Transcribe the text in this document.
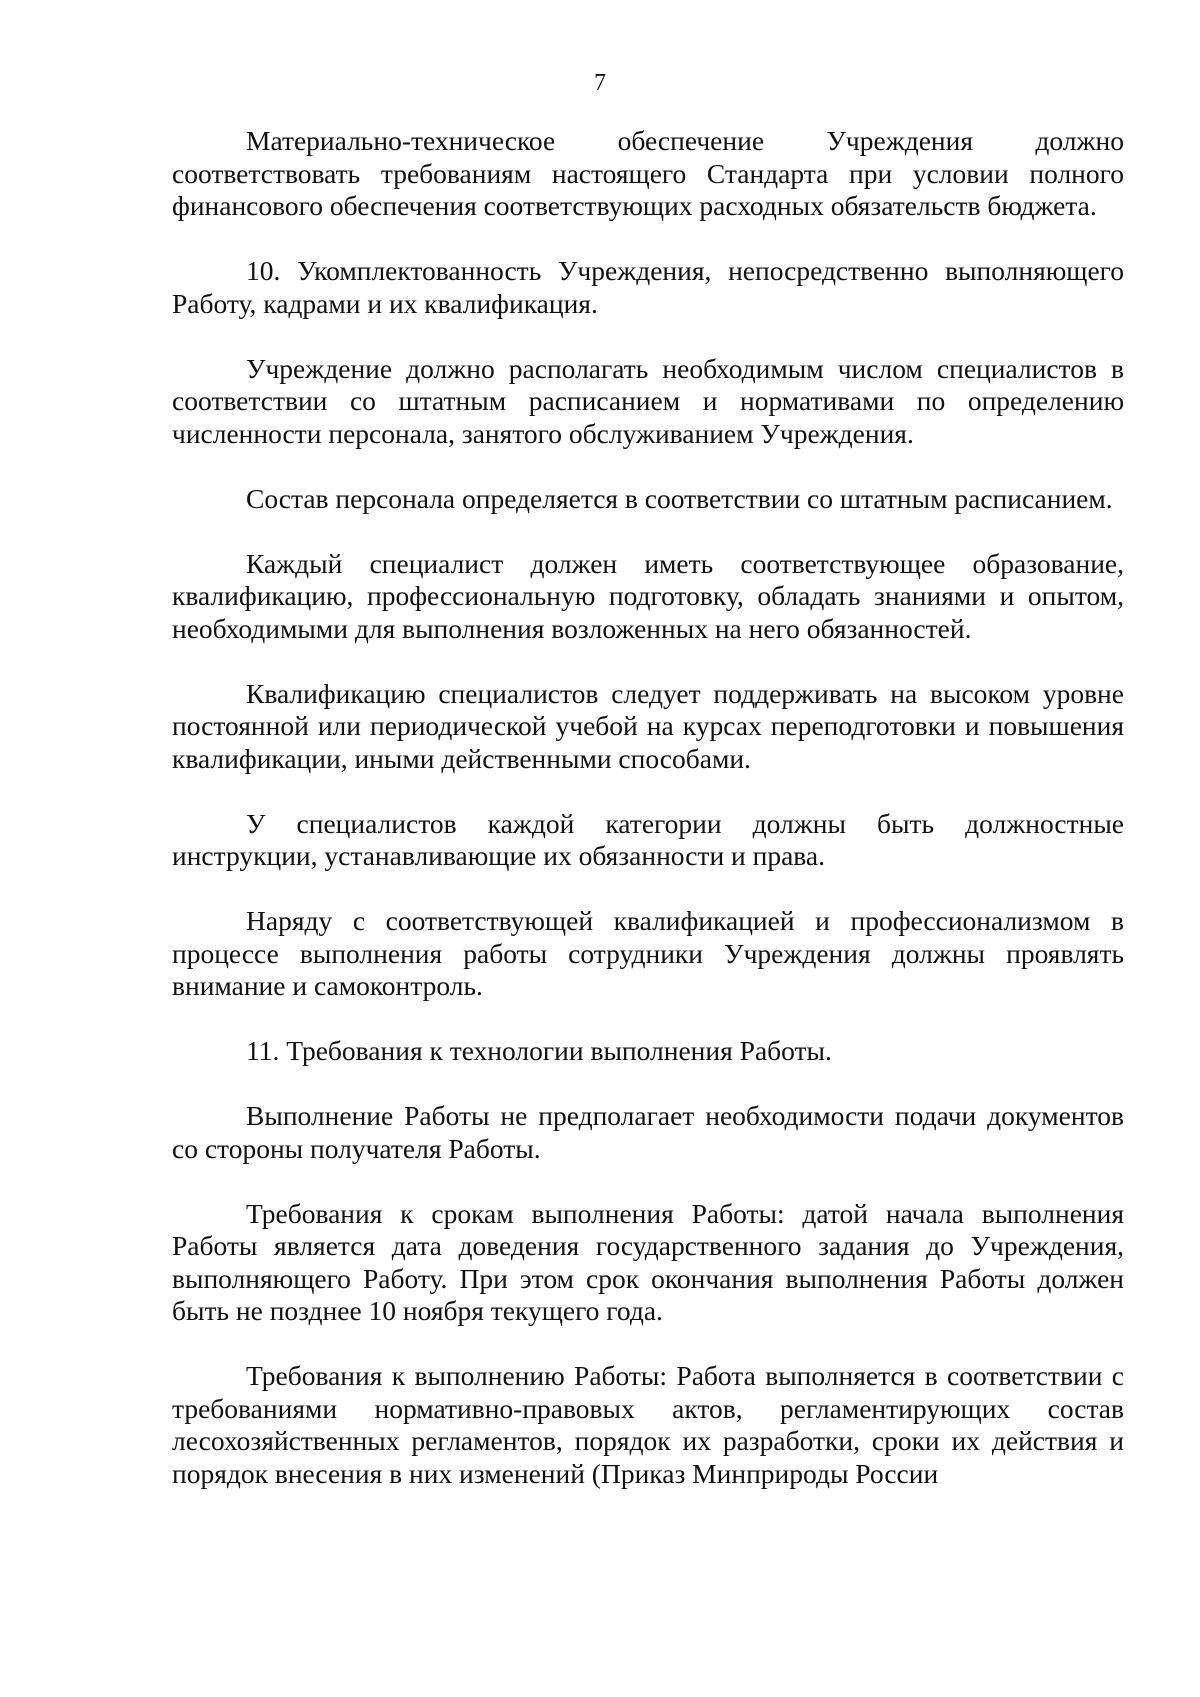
7

Материально-техническое обеспечение Учреждения должно соответствовать требованиям настоящего Стандарта при условии полного финансового обеспечения соответствующих расходных обязательств бюджета.

10. Укомплектованность Учреждения, непосредственно выполняющего Работу, кадрами и их квалификация.

Учреждение должно располагать необходимым числом специалистов в соответствии со штатным расписанием и нормативами по определению численности персонала, занятого обслуживанием Учреждения.

Состав персонала определяется в соответствии со штатным расписанием.

Каждый специалист должен иметь соответствующее образование, квалификацию, профессиональную подготовку, обладать знаниями и опытом, необходимыми для выполнения возложенных на него обязанностей.

Квалификацию специалистов следует поддерживать на высоком уровне постоянной или периодической учебой на курсах переподготовки и повышения квалификации, иными действенными способами.

У специалистов каждой категории должны быть должностные инструкции, устанавливающие их обязанности и права.

Наряду с соответствующей квалификацией и профессионализмом в процессе выполнения работы сотрудники Учреждения должны проявлять внимание и самоконтроль.

11. Требования к технологии выполнения Работы.

Выполнение Работы не предполагает необходимости подачи документов со стороны получателя Работы.

Требования к срокам выполнения Работы: датой начала выполнения Работы является дата доведения государственного задания до Учреждения, выполняющего Работу. При этом срок окончания выполнения Работы должен быть не позднее 10 ноября текущего года.

Требования к выполнению Работы: Работа выполняется в соответствии с требованиями нормативно-правовых актов, регламентирующих состав лесохозяйственных регламентов, порядок их разработки, сроки их действия и порядок внесения в них изменений (Приказ Минприроды России
